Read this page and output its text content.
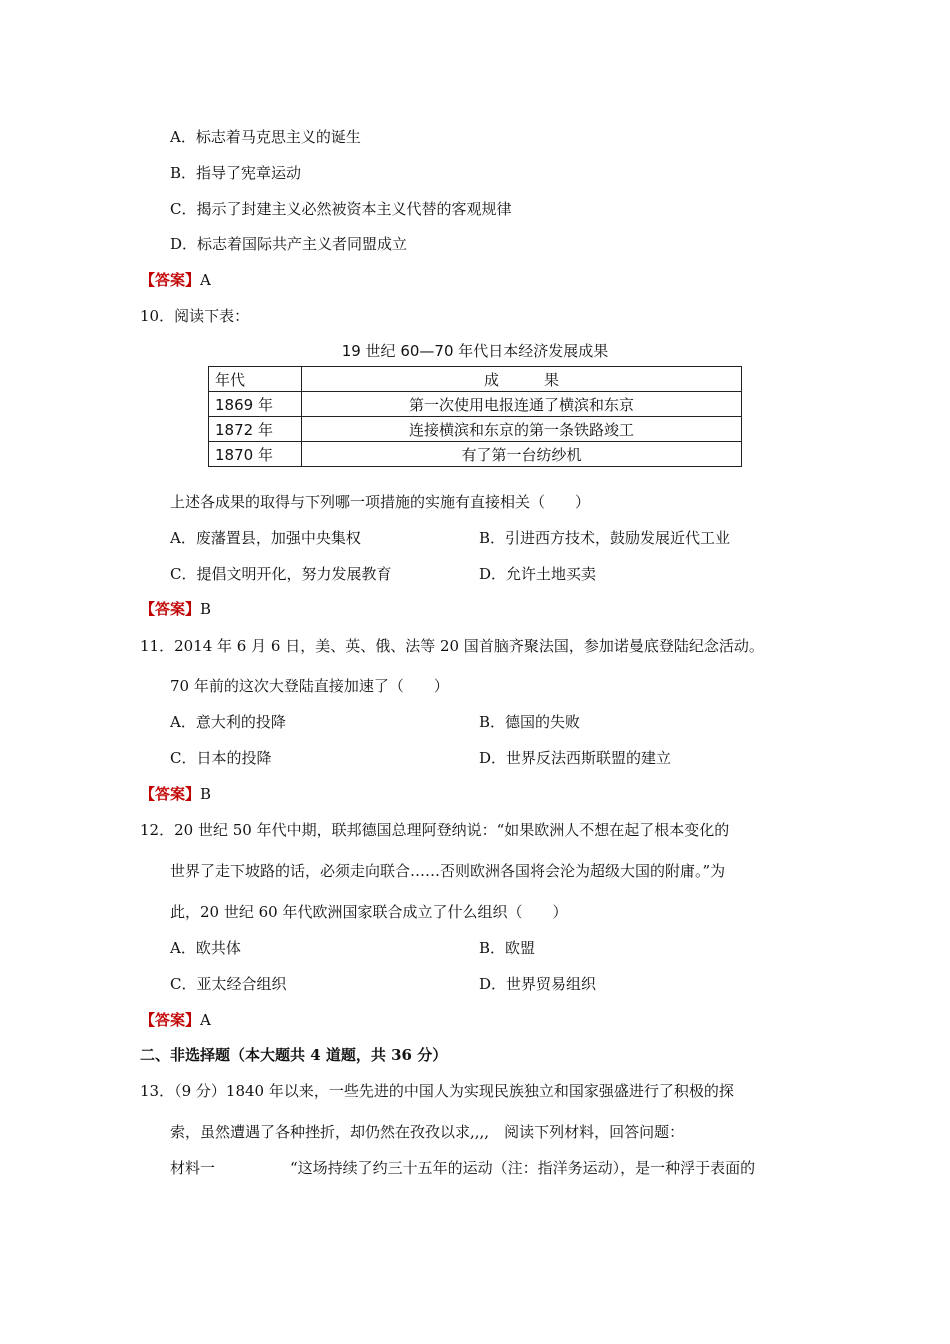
A．标志着马克思主义的诞生
B．指导了宪章运动
C．揭示了封建主义必然被资本主义代替的客观规律
D．标志着国际共产主义者同盟成立
【答案】A
10．阅读下表：
19 世纪 60—70 年代日本经济发展成果
年代	成　　　果
1869 年	第一次使用电报连通了横滨和东京
1872 年	连接横滨和东京的第一条铁路竣工
1870 年	有了第一台纺纱机
上述各成果的取得与下列哪一项措施的实施有直接相关（　　）
A．废藩置县，加强中央集权	B．引进西方技术，鼓励发展近代工业
C．提倡文明开化，努力发展教育	D．允许土地买卖
【答案】B
11．2014 年 6 月 6 日，美、英、俄、法等 20 国首脑齐聚法国，参加诺曼底登陆纪念活动。
70 年前的这次大登陆直接加速了（　　）
A．意大利的投降	B．德国的失败
C．日本的投降	D．世界反法西斯联盟的建立
【答案】B
12．20 世纪 50 年代中期，联邦德国总理阿登纳说：“如果欧洲人不想在起了根本变化的
世界了走下坡路的话，必须走向联合……否则欧洲各国将会沦为超级大国的附庸。”为
此，20 世纪 60 年代欧洲国家联合成立了什么组织（　　）
A．欧共体	B．欧盟
C．亚太经合组织	D．世界贸易组织
【答案】A
二、非选择题（本大题共 4 道题，共 36 分）
13．（9 分）1840 年以来，一些先进的中国人为实现民族独立和国家强盛进行了积极的探
索，虽然遭遇了各种挫折，却仍然在孜孜以求,,,,　阅读下列材料，回答问题：
材料一	“这场持续了约三十五年的运动（注：指洋务运动），是一种浮于表面的
